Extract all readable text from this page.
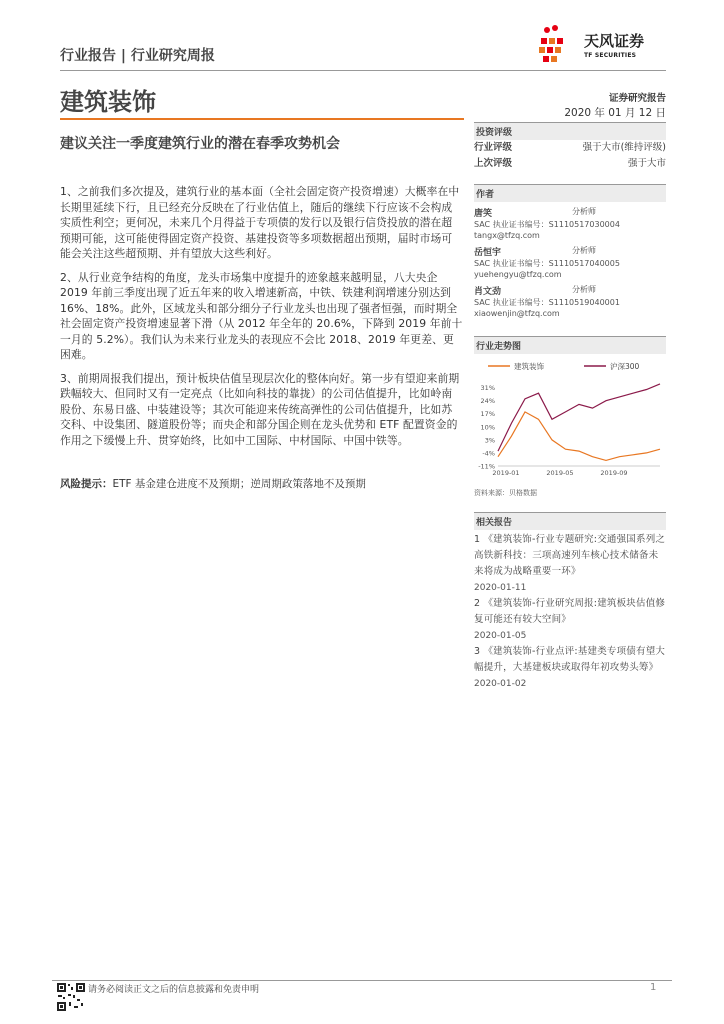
行业报告 | 行业研究周报
建筑装饰
建议关注一季度建筑行业的潜在春季攻势机会
天风证券
TF SECURITIES
证券研究报告
2020 年 01 月 12 日
投资评级
行业评级	强于大市(维持评级)
上次评级	强于大市
作者
唐笑	分析师
SAC 执业证书编号：S1110517030004
tangx@tfzq.com
岳恒宇	分析师
SAC 执业证书编号：S1110517040005
yuehengyu@tfzq.com
肖文劲	分析师
SAC 执业证书编号：S1110519040001
xiaowenjin@tfzq.com
行业走势图
建筑装饰	沪深300
31%
24%
17%
10%
3%
-4%
-11%
2019-01	2019-05	2019-09
资料来源：贝格数据
相关报告
1 《建筑装饰-行业专题研究:交通强国系列之高铁新科技：三项高速列车核心技术储备未来将成为战略重要一环》
2020-01-11
2 《建筑装饰-行业研究周报:建筑板块估值修复可能还有较大空间》
2020-01-05
3 《建筑装饰-行业点评:基建类专项债有望大幅提升，大基建板块或取得年初攻势头筹》
2020-01-02

1、之前我们多次提及，建筑行业的基本面（全社会固定资产投资增速）大概率在中长期里延续下行，且已经充分反映在了行业估值上，随后的继续下行应该不会构成实质性利空；更何况，未来几个月得益于专项债的发行以及银行信贷投放的潜在超预期可能，这可能使得固定资产投资、基建投资等多项数据超出预期，届时市场可能会关注这些超预期、并有望放大这些利好。

2、从行业竞争结构的角度，龙头市场集中度提升的迹象越来越明显，八大央企 2019 年前三季度出现了近五年来的收入增速新高，中铁、铁建利润增速分别达到 16%、18%。此外，区域龙头和部分细分子行业龙头也出现了强者恒强，而时期全社会固定资产投资增速显著下滑（从 2012 年全年的 20.6%，下降到 2019 年前十一月的 5.2%）。我们认为未来行业龙头的表现应不会比 2018、2019 年更差、更困难。

3、前期周报我们提出，预计板块估值呈现层次化的整体向好。第一步有望迎来前期跌幅较大、但同时又有一定亮点（比如向科技的靠拢）的公司估值提升，比如岭南股份、东易日盛、中装建设等；其次可能迎来传统高弹性的公司估值提升，比如苏交科、中设集团、隧道股份等；而央企和部分国企则在龙头优势和 ETF 配置资金的作用之下缓慢上升、贯穿始终，比如中工国际、中材国际、中国中铁等。

风险提示：ETF 基金建仓进度不及预期；逆周期政策落地不及预期
请务必阅读正文之后的信息披露和免责申明	1
